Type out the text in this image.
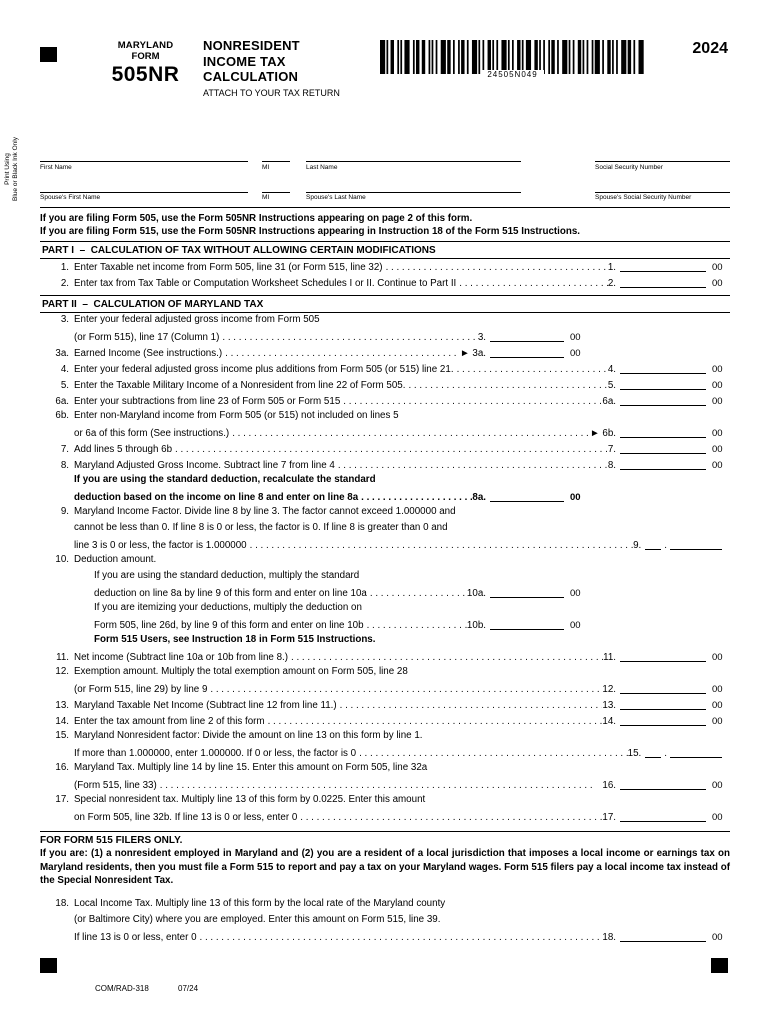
MARYLAND
FORM
505NR
NONRESIDENT
INCOME TAX
CALCULATION
ATTACH TO YOUR TAX RETURN
24505N049
2024
Print Using Blue or Black Ink Only	First Name	MI	Last Name	Social Security Number
Spouse's First Name	MI	Spouse's Last Name	Spouse's Social Security Number
If you are filing Form 505, use the Form 505NR Instructions appearing on page 2 of this form.
If you are filing Form 515, use the Form 505NR Instructions appearing in Instruction 18 of the Form 515 Instructions.
PART I  –  CALCULATION OF TAX WITHOUT ALLOWING CERTAIN MODIFICATIONS
1. Enter Taxable net income from Form 505, line 31 (or Form 515, line 32) . . .	1.	00
2. Enter tax from Tax Table or Computation Worksheet Schedules I or II. Continue to Part II . . .	2.	00
PART II  –  CALCULATION OF MARYLAND TAX
3. Enter your federal adjusted gross income from Form 505
(or Form 515), line 17 (Column 1) . . .	3.	00
3a. Earned Income (See instructions.) . . .	► 3a.	00
4. Enter your federal adjusted gross income plus additions from Form 505 (or 515) line 21. . . .	4.	00
5. Enter the Taxable Military Income of a Nonresident from line 22 of Form 505. . . .	5.	00
6a. Enter your subtractions from line 23 of Form 505 or Form 515 . . .	6a.	00
6b. Enter non-Maryland income from Form 505 (or 515) not included on lines 5
or 6a of this form (See instructions.) . . .	► 6b.	00
7. Add lines 5 through 6b . . .	7.	00
8. Maryland Adjusted Gross Income. Subtract line 7 from line 4 . . .	8.	00
If you are using the standard deduction, recalculate the standard
deduction based on the income on line 8 and enter on line 8a . . .	8a.	00
9. Maryland Income Factor. Divide line 8 by line 3. The factor cannot exceed 1.000000 and
cannot be less than 0. If line 8 is 0 or less, the factor is 0. If line 8 is greater than 0 and
line 3 is 0 or less, the factor is 1.000000 . . .	9.	.
10. Deduction amount.
If you are using the standard deduction, multiply the standard
deduction on line 8a by line 9 of this form and enter on line 10a . . .	10a.	00
If you are itemizing your deductions, multiply the deduction on
Form 505, line 26d, by line 9 of this form and enter on line 10b . . .	10b.	00
Form 515 Users, see Instruction 18 in Form 515 Instructions.
11. Net income (Subtract line 10a or 10b from line 8.) . . .	11.	00
12. Exemption amount. Multiply the total exemption amount on Form 505, line 28
(or Form 515, line 29) by line 9 . . .	12.	00
13. Maryland Taxable Net Income (Subtract line 12 from line 11.) . . .	13.	00
14. Enter the tax amount from line 2 of this form . . .	14.	00
15. Maryland Nonresident factor: Divide the amount on line 13 on this form by line 1.
If more than 1.000000, enter 1.000000. If 0 or less, the factor is 0 . . .	15.	.
16. Maryland Tax. Multiply line 14 by line 15. Enter this amount on Form 505, line 32a
(Form 515, line 33) . . .	16.	00
17. Special nonresident tax. Multiply line 13 of this form by 0.0225. Enter this amount
on Form 505, line 32b. If line 13 is 0 or less, enter 0 . . .	17.	00
FOR FORM 515 FILERS ONLY.
If you are: (1) a nonresident employed in Maryland and (2) you are a resident of a local jurisdiction that imposes a local income or earnings tax on Maryland residents, then you must file a Form 515 to report and pay a tax on your Maryland wages. Form 515 filers pay a local income tax instead of the Special Nonresident Tax.
18. Local Income Tax. Multiply line 13 of this form by the local rate of the Maryland county
(or Baltimore City) where you are employed. Enter this amount on Form 515, line 39.
If line 13 is 0 or less, enter 0 . . .	18.	00
COM/RAD-318	07/24
